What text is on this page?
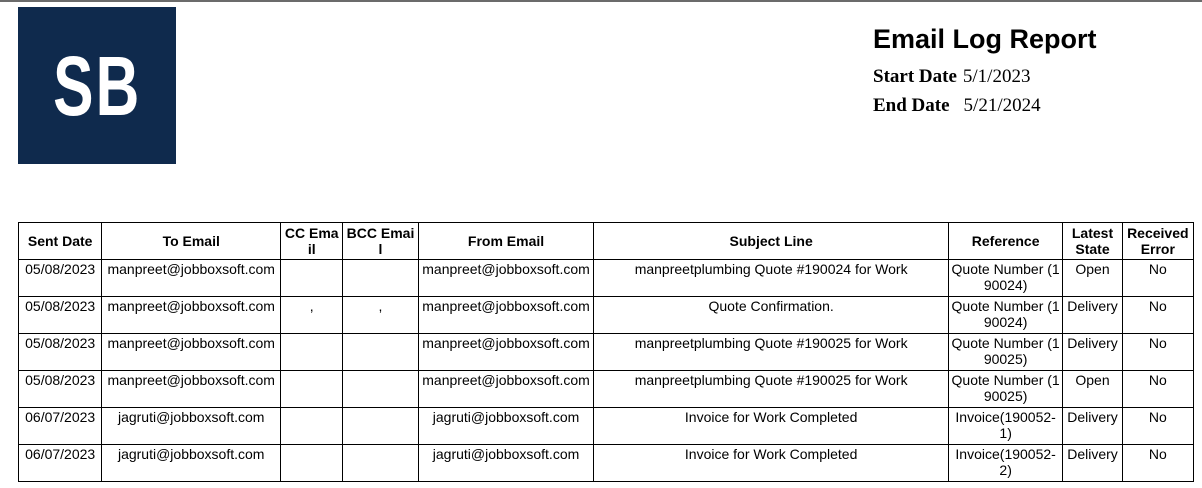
SB	Email Log Report
Start Date 5/1/2023
End Date 5/21/2024
Sent Date	To Email	CC Email	BCC Email	From Email	Subject Line	Reference	Latest State	Received Error
05/08/2023	manpreet@jobboxsoft.com			manpreet@jobboxsoft.com	manpreetplumbing Quote #190024 for Work	Quote Number (190024)	Open	No
05/08/2023	manpreet@jobboxsoft.com	,	,	manpreet@jobboxsoft.com	Quote Confirmation.	Quote Number (190024)	Delivery	No
05/08/2023	manpreet@jobboxsoft.com			manpreet@jobboxsoft.com	manpreetplumbing Quote #190025 for Work	Quote Number (190025)	Delivery	No
05/08/2023	manpreet@jobboxsoft.com			manpreet@jobboxsoft.com	manpreetplumbing Quote #190025 for Work	Quote Number (190025)	Open	No
06/07/2023	jagruti@jobboxsoft.com			jagruti@jobboxsoft.com	Invoice for Work Completed	Invoice(190052-1)	Delivery	No
06/07/2023	jagruti@jobboxsoft.com			jagruti@jobboxsoft.com	Invoice for Work Completed	Invoice(190052-2)	Delivery	No
